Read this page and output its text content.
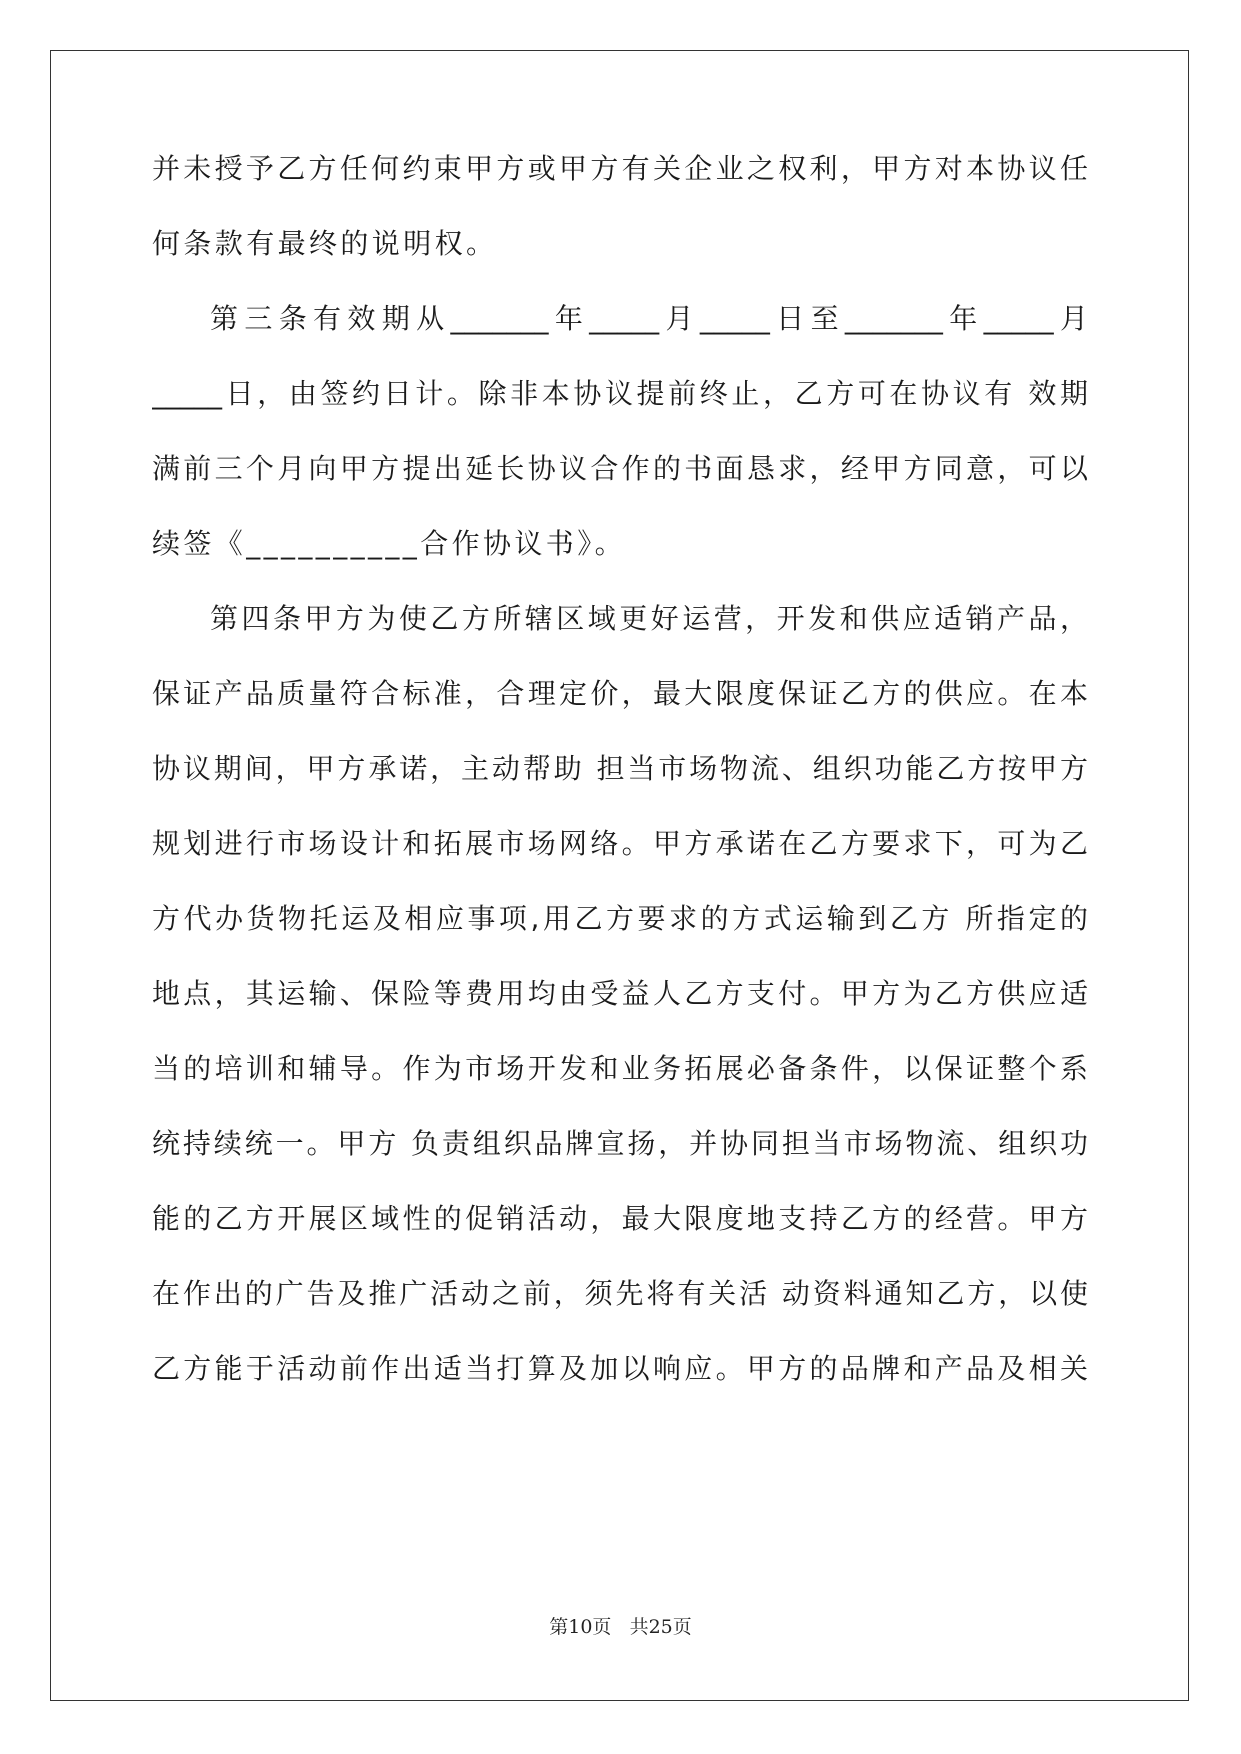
并未授予乙方任何约束甲方或甲方有关企业之权利，甲方对本协议任
何条款有最终的说明权。
第三条有效期从_______年_____月_____日至_______年_____月
_____日，由签约日计。除非本协议提前终止，乙方可在协议有 效期
满前三个月向甲方提出延长协议合作的书面恳求，经甲方同意，可以
续签《__________合作协议书》。
第四条甲方为使乙方所辖区域更好运营，开发和供应适销产品，
保证产品质量符合标准，合理定价，最大限度保证乙方的供应。在本
协议期间，甲方承诺，主动帮助 担当市场物流、组织功能乙方按甲方
规划进行市场设计和拓展市场网络。甲方承诺在乙方要求下，可为乙
方代办货物托运及相应事项,用乙方要求的方式运输到乙方 所指定的
地点，其运输、保险等费用均由受益人乙方支付。甲方为乙方供应适
当的培训和辅导。作为市场开发和业务拓展必备条件，以保证整个系
统持续统一。甲方 负责组织品牌宣扬，并协同担当市场物流、组织功
能的乙方开展区域性的促销活动，最大限度地支持乙方的经营。甲方
在作出的广告及推广活动之前，须先将有关活 动资料通知乙方，以使
乙方能于活动前作出适当打算及加以响应。甲方的品牌和产品及相关
第10页 共25页
